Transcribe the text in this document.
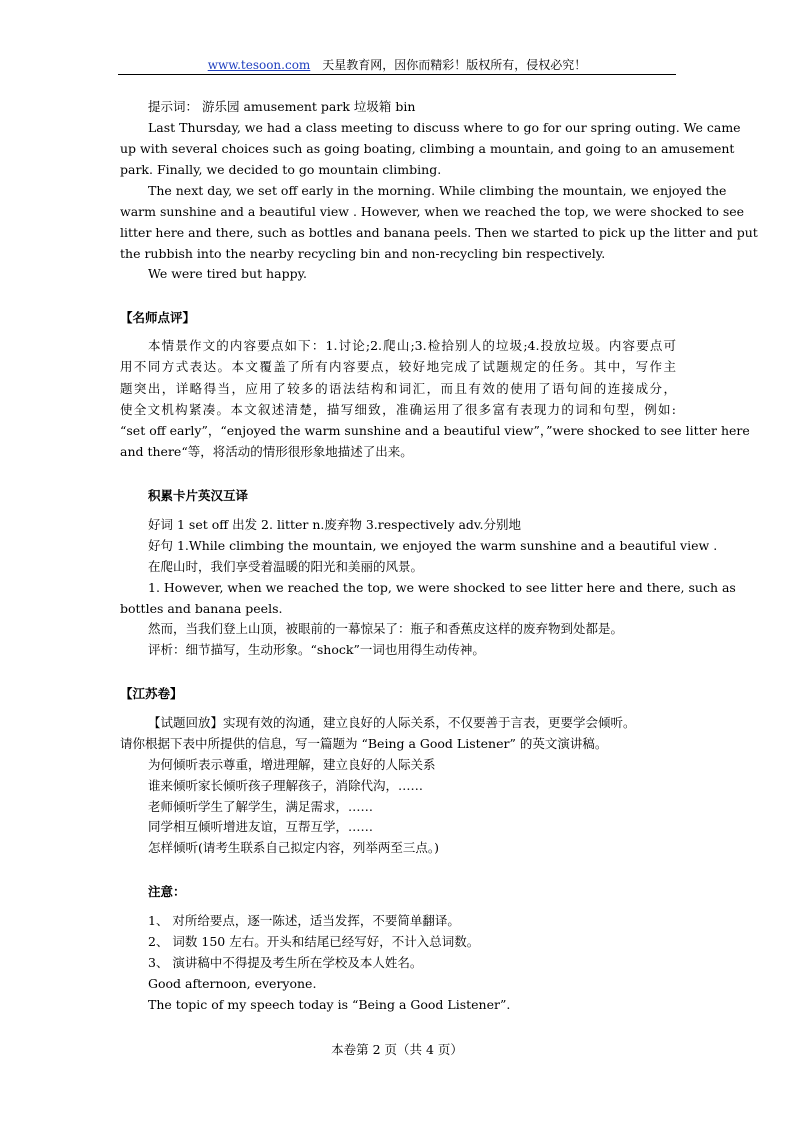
www.tesoon.com 天星教育网，因你而精彩！版权所有，侵权必究！
提示词： 游乐园 amusement park 垃圾箱 bin
Last Thursday, we had a class meeting to discuss where to go for our spring outing. We came
up with several choices such as going boating, climbing a mountain, and going to an amusement
park. Finally, we decided to go mountain climbing.
The next day, we set off early in the morning. While climbing the mountain, we enjoyed the
warm sunshine and a beautiful view . However, when we reached the top, we were shocked to see
litter here and there, such as bottles and banana peels. Then we started to pick up the litter and put
the rubbish into the nearby recycling bin and non-recycling bin respectively.
We were tired but happy.
【名师点评】
本情景作文的内容要点如下：1.讨论;2.爬山;3.检拾别人的垃圾;4.投放垃圾。内容要点可
用不同方式表达。本文覆盖了所有内容要点，较好地完成了试题规定的任务。其中，写作主
题突出，详略得当，应用了较多的语法结构和词汇，而且有效的使用了语句间的连接成分，
使全文机构紧凑。本文叙述清楚，描写细致，准确运用了很多富有表现力的词和句型，例如:
“set off early”，“enjoyed the warm sunshine and a beautiful view”，”were shocked to see litter here
and there“等，将活动的情形很形象地描述了出来。
积累卡片英汉互译
好词 1 set off 出发 2. litter n.废弃物 3.respectively adv.分别地
好句 1.While climbing the mountain, we enjoyed the warm sunshine and a beautiful view .
在爬山时，我们享受着温暖的阳光和美丽的风景。
1. However, when we reached the top, we were shocked to see litter here and there, such as
bottles and banana peels.
然而，当我们登上山顶，被眼前的一幕惊呆了：瓶子和香蕉皮这样的废弃物到处都是。
评析：细节描写，生动形象。“shock”一词也用得生动传神。
【江苏卷】
【试题回放】实现有效的沟通，建立良好的人际关系，不仅要善于言表，更要学会倾听。
请你根据下表中所提供的信息，写一篇题为 “Being a Good Listener” 的英文演讲稿。
为何倾听表示尊重，增进理解，建立良好的人际关系
谁来倾听家长倾听孩子理解孩子，消除代沟，……
老师倾听学生了解学生，满足需求，……
同学相互倾听增进友谊，互帮互学，……
怎样倾听(请考生联系自己拟定内容，列举两至三点。)
注意：
1、 对所给要点，逐一陈述，适当发挥，不要简单翻译。
2、 词数 150 左右。开头和结尾已经写好，不计入总词数。
3、 演讲稿中不得提及考生所在学校及本人姓名。
Good afternoon, everyone.
The topic of my speech today is “Being a Good Listener”.
本卷第 2 页（共 4 页）
